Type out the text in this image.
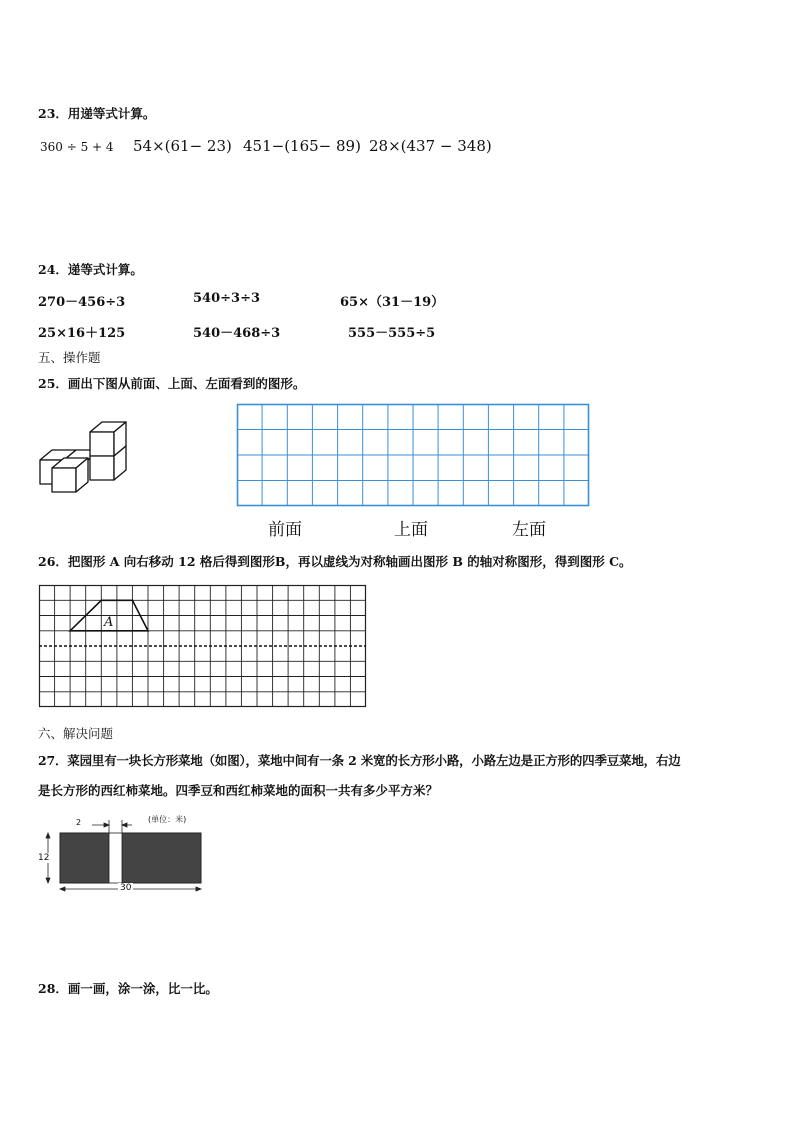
23．用递等式计算。
360 ÷ 5 + 4 54×(61− 23) 451−(165− 89) 28×(437 − 348)
24．递等式计算。
270－456÷3	540÷3÷3	65×（31－19）
25×16＋125	540－468÷3	555－555÷5
五、操作题
25．画出下图从前面、上面、左面看到的图形。
前面	上面	左面
26．把图形 A 向右移动 12 格后得到图形B，再以虚线为对称轴画出图形 B 的轴对称图形，得到图形 C。
A
六、解决问题
27．菜园里有一块长方形菜地（如图），菜地中间有一条 2 米宽的长方形小路，小路左边是正方形的四季豆菜地，右边
是长方形的西红柿菜地。四季豆和西红柿菜地的面积一共有多少平方米？
2	(单位：米)
12
30
28．画一画，涂一涂，比一比。
